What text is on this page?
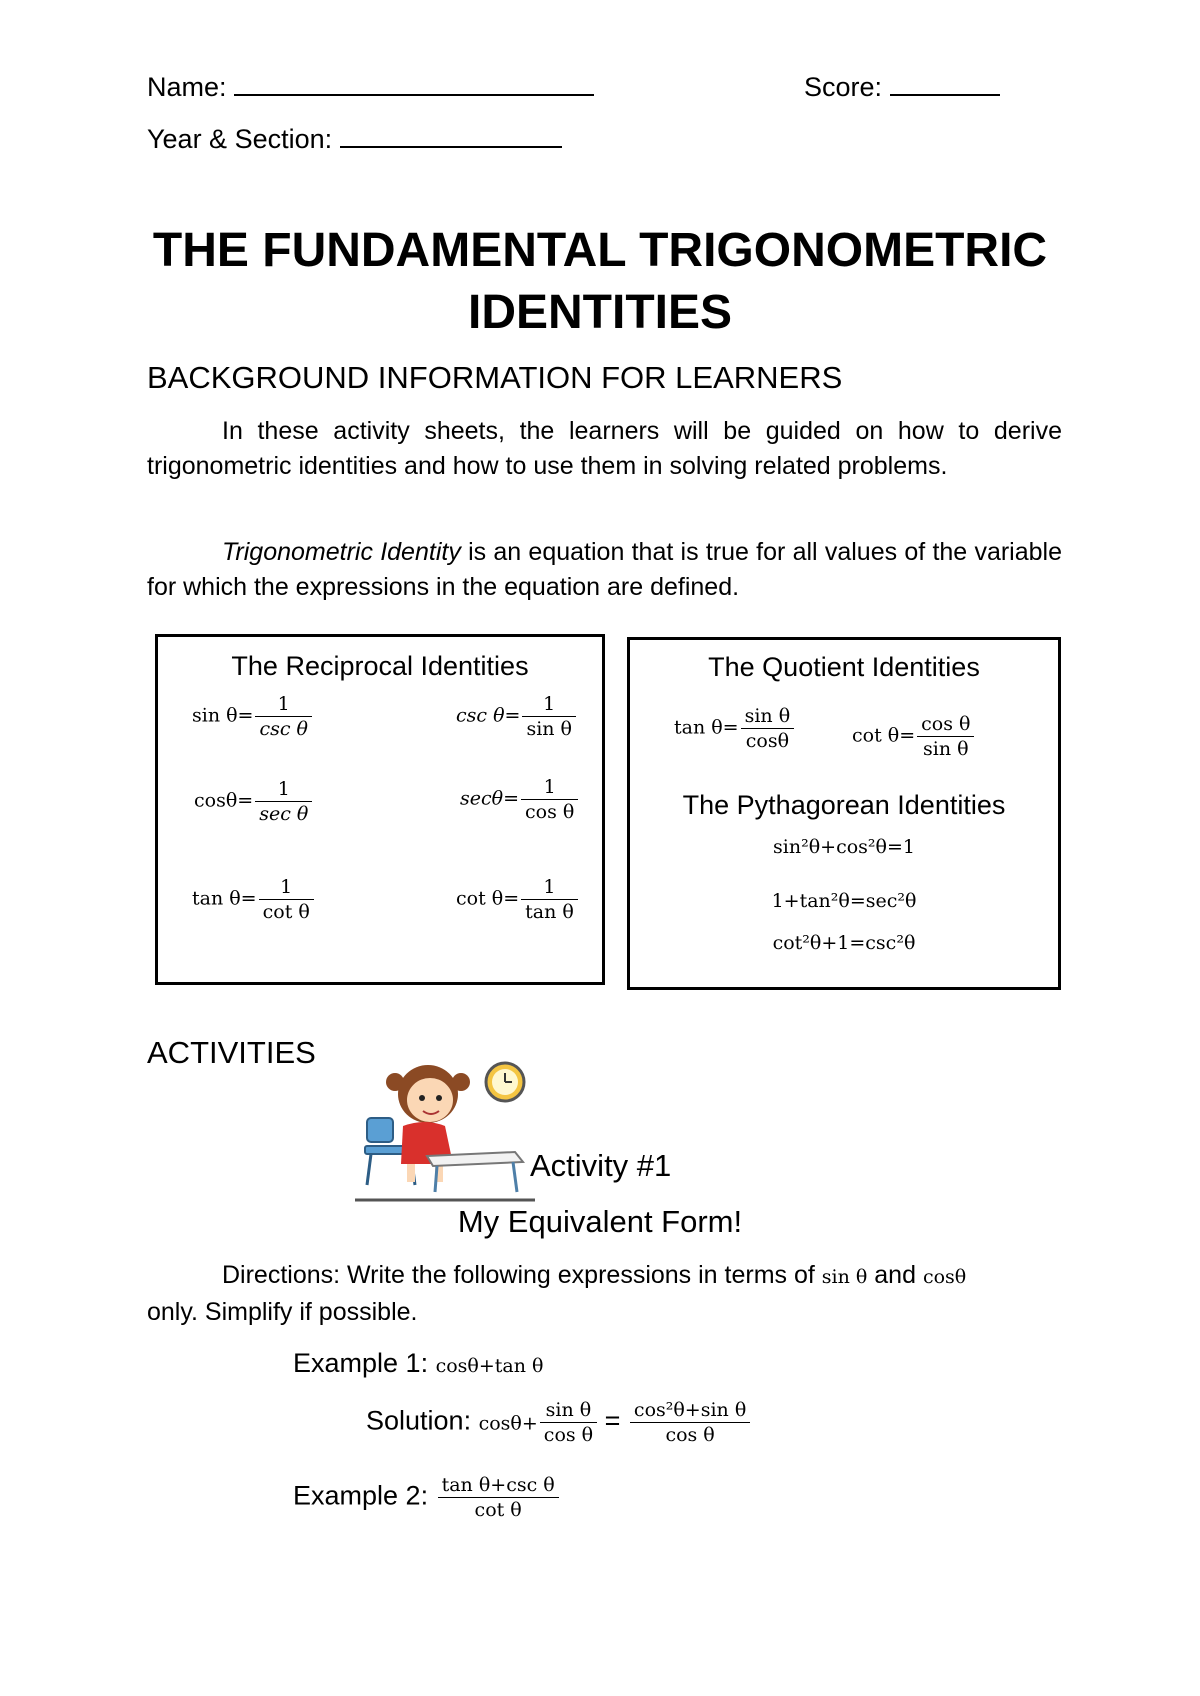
Name:	Score:
Year & Section:
THE FUNDAMENTAL TRIGONOMETRIC
IDENTITIES
BACKGROUND INFORMATION FOR LEARNERS
In these activity sheets, the learners will be guided on how to derive trigonometric identities and how to use them in solving related problems.
Trigonometric Identity is an equation that is true for all values of the variable for which the expressions in the equation are defined.
The Reciprocal Identities
$\sin \theta= \frac{1}{\text{csc θ}}$	$\csc \theta= \frac{1}{\text{sin θ}}$
$\cos\theta= \frac{1}{\text{sec θ}}$	$\sec\theta= \frac{1}{\text{cos θ}}$
$\tan \theta= \frac{1}{\text{cot θ}}$	$\cot \theta= \frac{1}{\text{tan θ}}$
The Quotient Identities
$\tan \theta= \frac{\text{sin θ}}{\cos\theta}$	$\cot \theta= \frac{\text{cos θ}}{\text{sin θ}}$
The Pythagorean Identities
sin²θ+cos²θ=1
1+tan²θ=sec²θ
cot²θ+1=csc²θ
ACTIVITIES
Activity #1
My Equivalent Form!
Directions: Write the following expressions in terms of sin θ and cosθ
only. Simplify if possible.
Example 1: cosθ+tan θ
Solution: $\cos\theta+ \frac{\text{sin θ}}{\text{cos θ}} = \frac{\text{cos²θ+sin θ}}{\text{cos θ}}$
Example 2: $\frac{\text{tan θ+csc θ}}{\text{cot θ}}$
